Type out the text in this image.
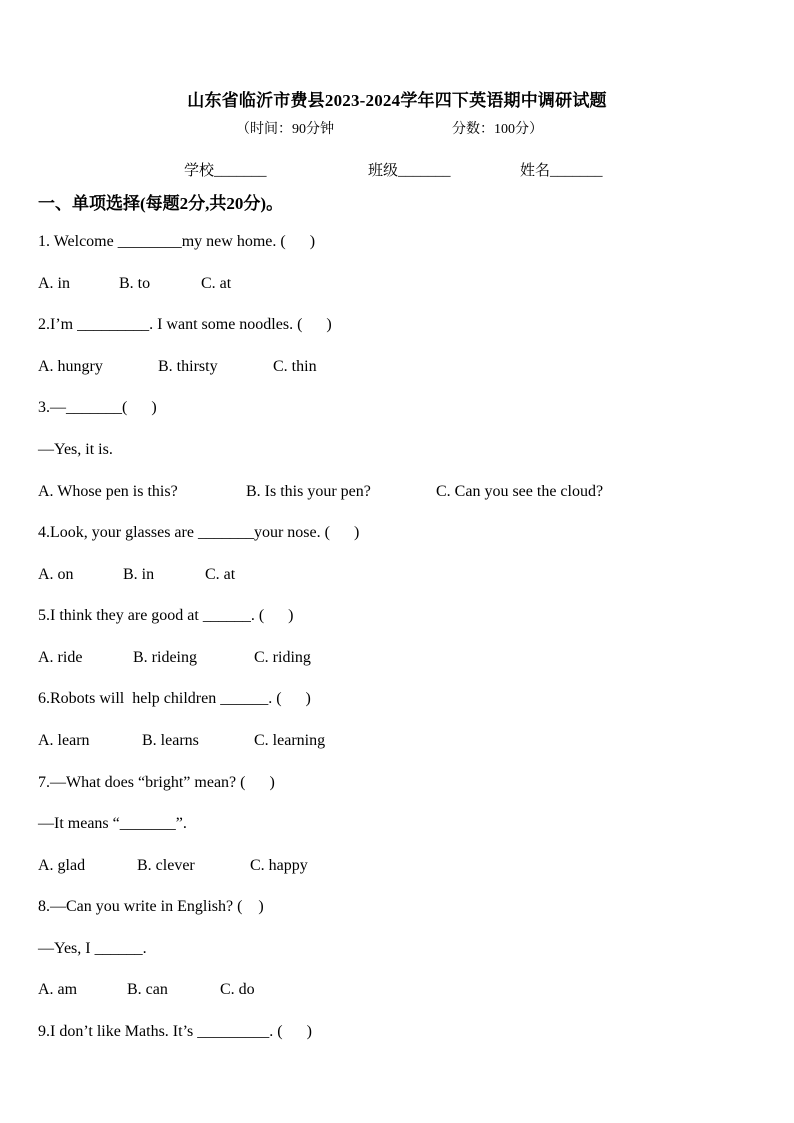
山东省临沂市费县2023-2024学年四下英语期中调研试题
（时间：90分钟	分数：100分）
学校_______	班级_______	姓名_______
一、单项选择(每题2分,共20分)。
1. Welcome ________my new home. (      )
A. in	B. to	C. at
2.I’m _________. I want some noodles. (      )
A. hungry	B. thirsty	C. thin
3.—_______(      )
—Yes, it is.
A. Whose pen is this?	B. Is this your pen?	C. Can you see the cloud?
4.Look, your glasses are _______your nose. (      )
A. on	B. in	C. at
5.I think they are good at ______. (      )
A. ride	B. rideing	C. riding
6.Robots will  help children ______. (      )
A. learn	B. learns	C. learning
7.—What does “bright” mean? (      )
—It means “_______”.
A. glad	B. clever	C. happy
8.—Can you write in English? (    )
—Yes, I ______.
A. am	B. can	C. do
9.I don’t like Maths. It’s _________. (      )
